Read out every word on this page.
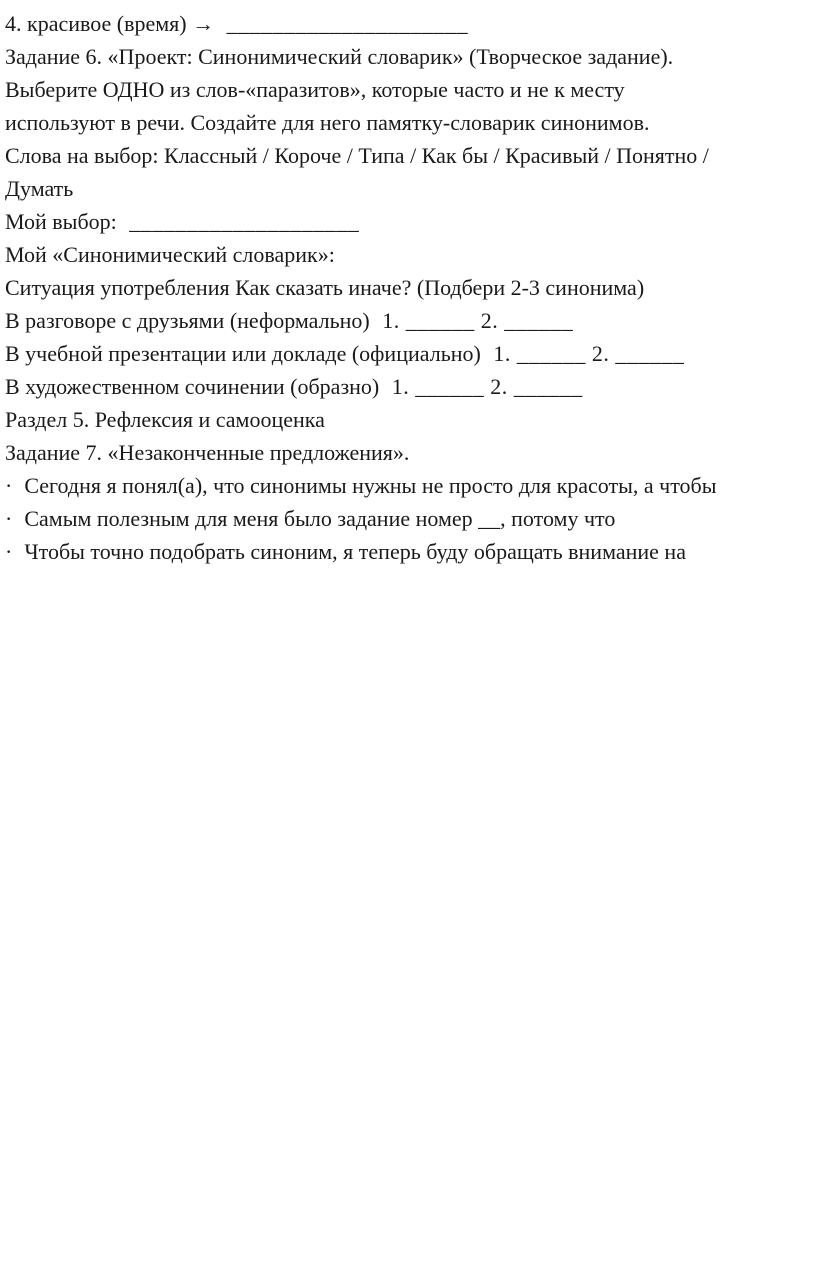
4. красивое (время) → _____________________

Задание 6. «Проект: Синонимический словарик» (Творческое задание).

Выберите ОДНО из слов-«паразитов», которые часто и не к месту
используют в речи. Создайте для него памятку-словарик синонимов.

Слова на выбор: Классный / Короче / Типа / Как бы / Красивый / Понятно /
Думать

Мой выбор: ____________________

Мой «Синонимический словарик»:

Ситуация употребления Как сказать иначе? (Подбери 2-3 синонима)

В разговоре с друзьями (неформально) 1. ______ 2. ______

В учебной презентации или докладе (официально) 1. ______ 2. ______

В художественном сочинении (образно) 1. ______ 2. ______

Раздел 5. Рефлексия и самооценка

Задание 7. «Незаконченные предложения».

· Сегодня я понял(а), что синонимы нужны не просто для красоты, а чтобы

· Самым полезным для меня было задание номер __, потому что

· Чтобы точно подобрать синоним, я теперь буду обращать внимание на
